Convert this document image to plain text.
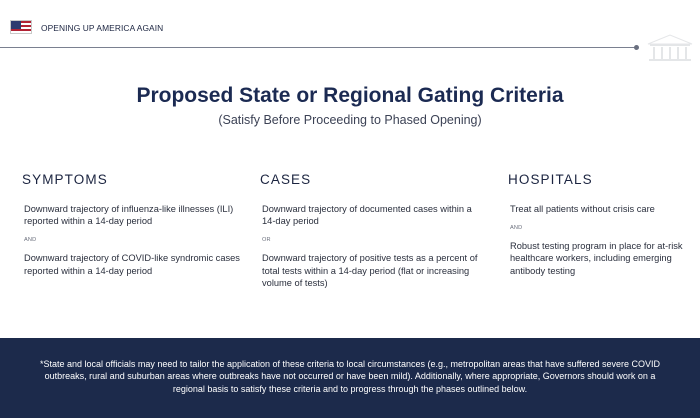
OPENING UP AMERICA AGAIN
Proposed State or Regional Gating Criteria
(Satisfy Before Proceeding to Phased Opening)
SYMPTOMS
Downward trajectory of influenza-like illnesses (ILI) reported within a 14-day period
AND
Downward trajectory of COVID-like syndromic cases reported within a 14-day period
CASES
Downward trajectory of documented cases within a 14-day period
OR
Downward trajectory of positive tests as a percent of total tests within a 14-day period (flat or increasing volume of tests)
HOSPITALS
Treat all patients without crisis care
AND
Robust testing program in place for at-risk healthcare workers, including emerging antibody testing
*State and local officials may need to tailor the application of these criteria to local circumstances (e.g., metropolitan areas that have suffered severe COVID outbreaks, rural and suburban areas where outbreaks have not occurred or have been mild). Additionally, where appropriate, Governors should work on a regional basis to satisfy these criteria and to progress through the phases outlined below.
